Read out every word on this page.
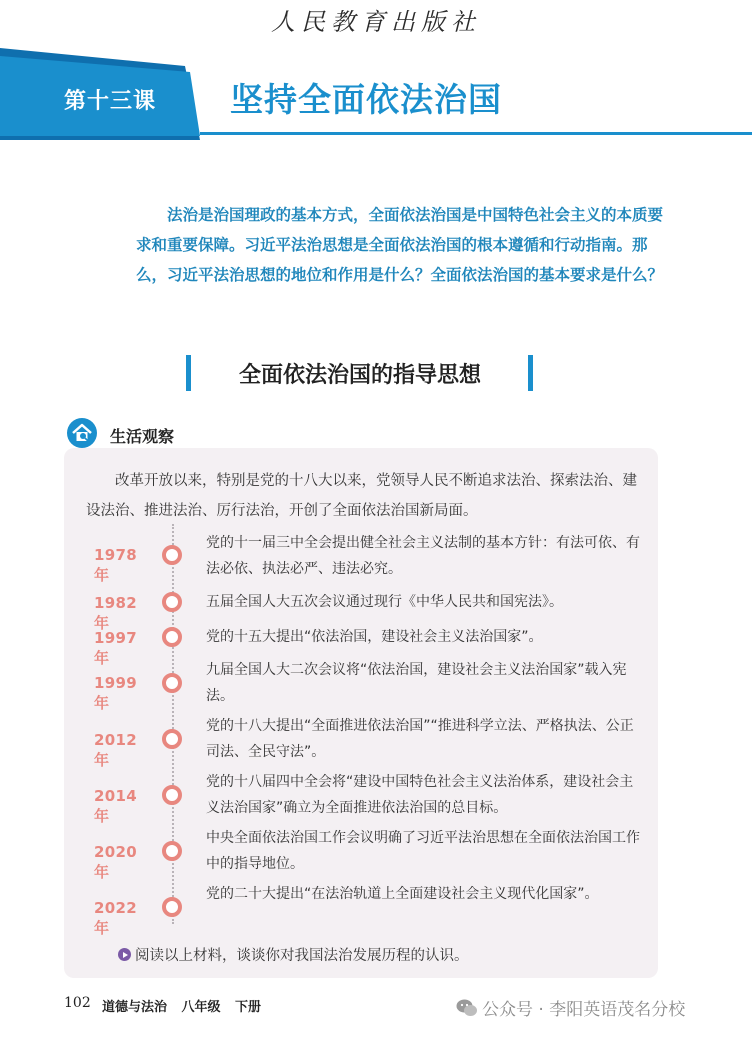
人民教育出版社
第十三课 坚持全面依法治国
法治是治国理政的基本方式，全面依法治国是中国特色社会主义的本质要求和重要保障。习近平法治思想是全面依法治国的根本遵循和行动指南。那么，习近平法治思想的地位和作用是什么？全面依法治国的基本要求是什么？
全面依法治国的指导思想
生活观察
改革开放以来，特别是党的十八大以来，党领导人民不断追求法治、探索法治、建设法治、推进法治、厉行法治，开创了全面依法治国新局面。
1978 年
党的十一届三中全会提出健全社会主义法制的基本方针：有法可依、有法必依、执法必严、违法必究。
1982 年
五届全国人大五次会议通过现行《中华人民共和国宪法》。
1997 年
党的十五大提出“依法治国，建设社会主义法治国家”。
1999 年
九届全国人大二次会议将“依法治国，建设社会主义法治国家”载入宪法。
2012 年
党的十八大提出“全面推进依法治国”“推进科学立法、严格执法、公正司法、全民守法”。
2014 年
党的十八届四中全会将“建设中国特色社会主义法治体系，建设社会主义法治国家”确立为全面推进依法治国的总目标。
2020 年
中央全面依法治国工作会议明确了习近平法治思想在全面依法治国工作中的指导地位。
2022 年
党的二十大提出“在法治轨道上全面建设社会主义现代化国家”。
阅读以上材料，谈谈你对我国法治发展历程的认识。
102 道德与法治 八年级 下册	公众号 · 李阳英语茂名分校
